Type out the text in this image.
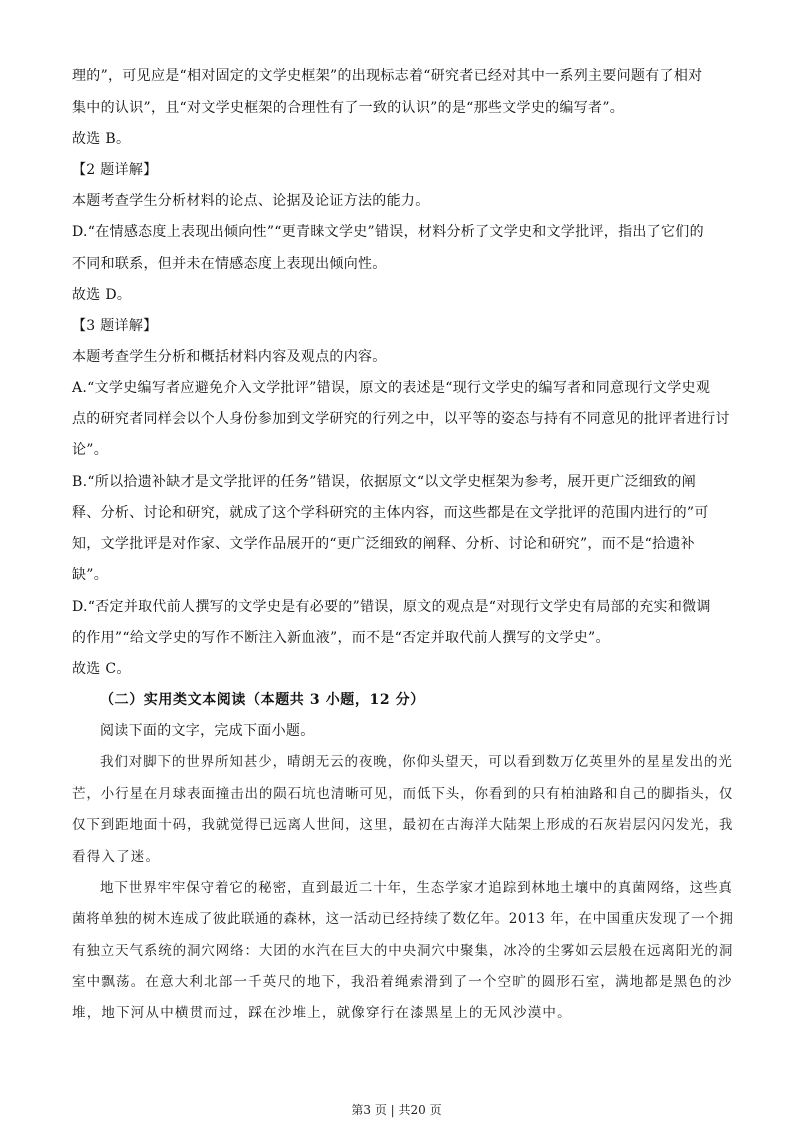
理的”，可见应是“相对固定的文学史框架”的出现标志着“研究者已经对其中一系列主要问题有了相对
集中的认识”，且“对文学史框架的合理性有了一致的认识”的是“那些文学史的编写者”。
故选 B。
【2 题详解】
本题考查学生分析材料的论点、论据及论证方法的能力。
D.“在情感态度上表现出倾向性”“更青睐文学史”错误，材料分析了文学史和文学批评，指出了它们的
不同和联系，但并未在情感态度上表现出倾向性。
故选 D。
【3 题详解】
本题考查学生分析和概括材料内容及观点的内容。
A.“文学史编写者应避免介入文学批评”错误，原文的表述是“现行文学史的编写者和同意现行文学史观
点的研究者同样会以个人身份参加到文学研究的行列之中，以平等的姿态与持有不同意见的批评者进行讨
论”。
B.“所以拾遗补缺才是文学批评的任务”错误，依据原文“以文学史框架为参考，展开更广泛细致的阐
释、分析、讨论和研究，就成了这个学科研究的主体内容，而这些都是在文学批评的范围内进行的”可
知，文学批评是对作家、文学作品展开的“更广泛细致的阐释、分析、讨论和研究”，而不是“拾遗补
缺”。
D.“否定并取代前人撰写的文学史是有必要的”错误，原文的观点是“对现行文学史有局部的充实和微调
的作用”“给文学史的写作不断注入新血液”，而不是“否定并取代前人撰写的文学史”。
故选 C。
（二）实用类文本阅读（本题共 3 小题，12 分）
阅读下面的文字，完成下面小题。
我们对脚下的世界所知甚少，晴朗无云的夜晚，你仰头望天，可以看到数万亿英里外的星星发出的光
芒，小行星在月球表面撞击出的陨石坑也清晰可见，而低下头，你看到的只有柏油路和自己的脚指头，仅
仅下到距地面十码，我就觉得已远离人世间，这里，最初在古海洋大陆架上形成的石灰岩层闪闪发光，我
看得入了迷。
地下世界牢牢保守着它的秘密，直到最近二十年，生态学家才追踪到林地土壤中的真菌网络，这些真
菌将单独的树木连成了彼此联通的森林，这一活动已经持续了数亿年。2013 年，在中国重庆发现了一个拥
有独立天气系统的洞穴网络：大团的水汽在巨大的中央洞穴中聚集，冰冷的尘雾如云层般在远离阳光的洞
室中飘荡。在意大利北部一千英尺的地下，我沿着绳索滑到了一个空旷的圆形石室，满地都是黑色的沙
堆，地下河从中横贯而过，踩在沙堆上，就像穿行在漆黑星上的无风沙漠中。
第3 页 | 共20 页
